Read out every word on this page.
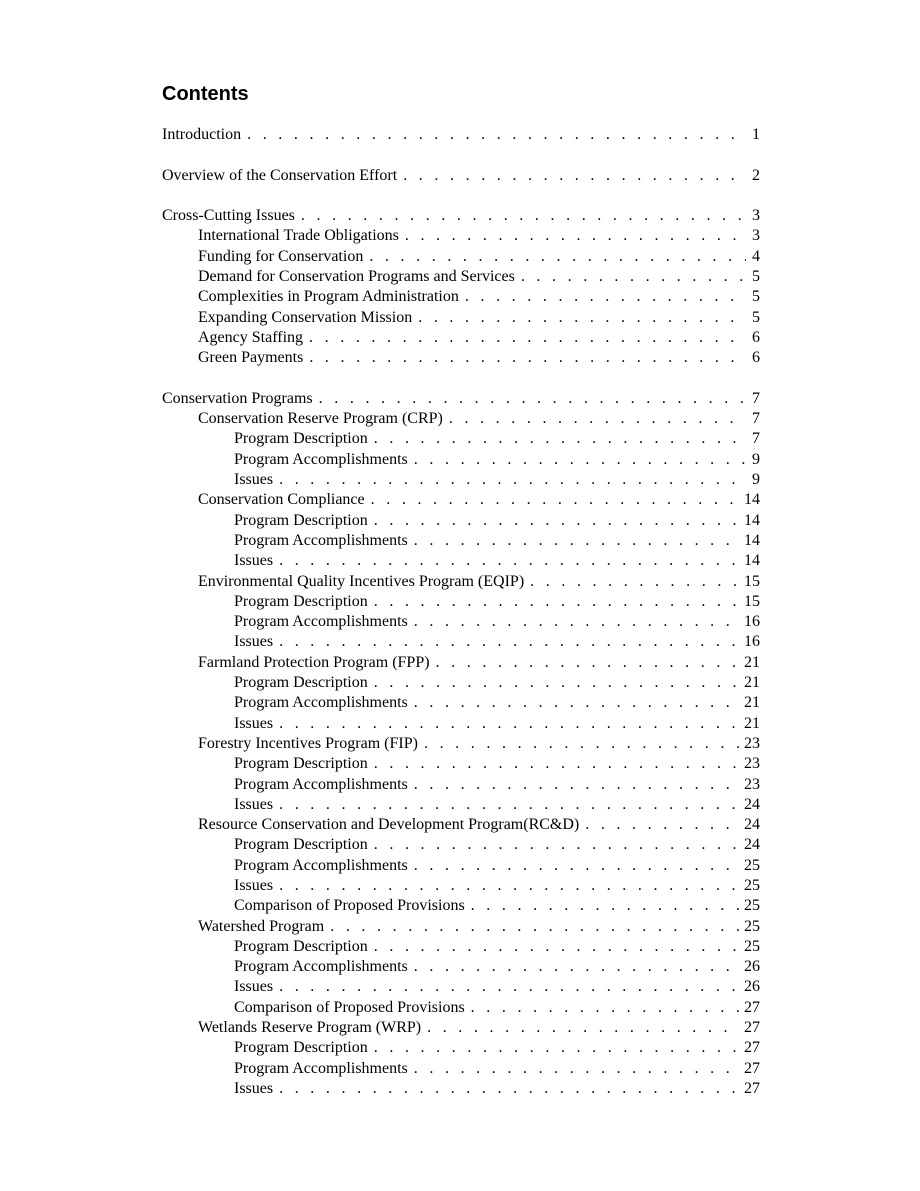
Contents
Introduction . . .	1
Overview of the Conservation Effort . . .	2
Cross-Cutting Issues . . .	3
International Trade Obligations . . .	3
Funding for Conservation . . .	4
Demand for Conservation Programs and Services . . .	5
Complexities in Program Administration . . .	5
Expanding Conservation Mission . . .	5
Agency Staffing . . .	6
Green Payments . . .	6
Conservation Programs . . .	7
Conservation Reserve Program (CRP) . . .	7
Program Description . . .	7
Program Accomplishments . . .	9
Issues . . .	9
Conservation Compliance . . .	14
Program Description . . .	14
Program Accomplishments . . .	14
Issues . . .	14
Environmental Quality Incentives Program (EQIP) . . .	15
Program Description . . .	15
Program Accomplishments . . .	16
Issues . . .	16
Farmland Protection Program (FPP) . . .	21
Program Description . . .	21
Program Accomplishments . . .	21
Issues . . .	21
Forestry Incentives Program (FIP) . . .	23
Program Description . . .	23
Program Accomplishments . . .	23
Issues . . .	24
Resource Conservation and Development Program(RC&D) . . .	24
Program Description . . .	24
Program Accomplishments . . .	25
Issues . . .	25
Comparison of Proposed Provisions . . .	25
Watershed Program . . .	25
Program Description . . .	25
Program Accomplishments . . .	26
Issues . . .	26
Comparison of Proposed Provisions . . .	27
Wetlands Reserve Program (WRP) . . .	27
Program Description . . .	27
Program Accomplishments . . .	27
Issues . . .	27
